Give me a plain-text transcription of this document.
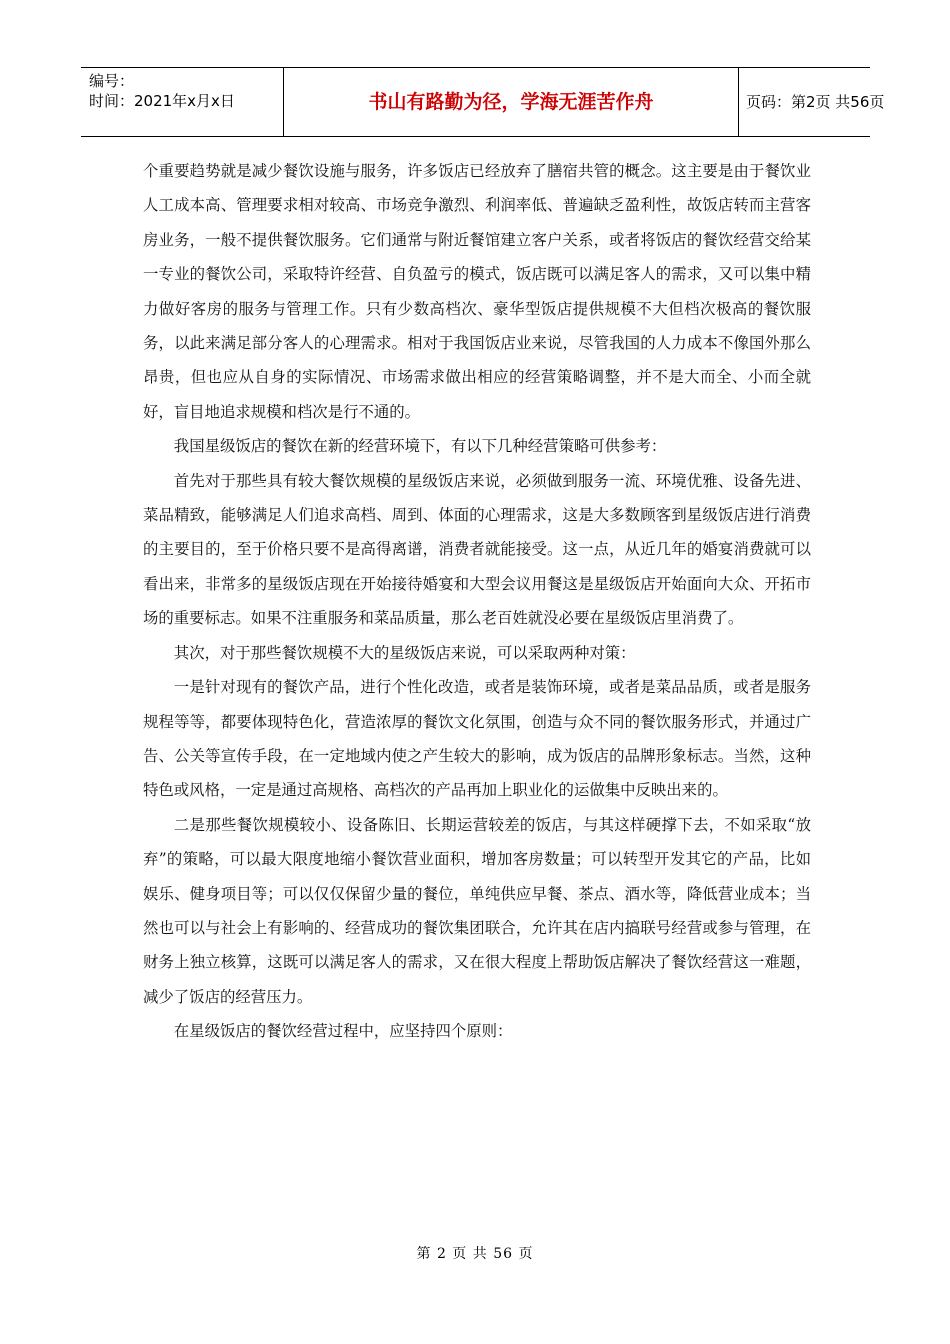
编号：
时间：2021年x月x日	书山有路勤为径，学海无涯苦作舟	页码：第2页 共56页

个重要趋势就是减少餐饮设施与服务，许多饭店已经放弃了膳宿共管的概念。这主要是由于餐饮业人工成本高、管理要求相对较高、市场竞争激烈、利润率低、普遍缺乏盈利性，故饭店转而主营客房业务，一般不提供餐饮服务。它们通常与附近餐馆建立客户关系，或者将饭店的餐饮经营交给某一专业的餐饮公司，采取特许经营、自负盈亏的模式，饭店既可以满足客人的需求，又可以集中精力做好客房的服务与管理工作。只有少数高档次、豪华型饭店提供规模不大但档次极高的餐饮服务，以此来满足部分客人的心理需求。相对于我国饭店业来说，尽管我国的人力成本不像国外那么昂贵，但也应从自身的实际情况、市场需求做出相应的经营策略调整，并不是大而全、小而全就好，盲目地追求规模和档次是行不通的。

我国星级饭店的餐饮在新的经营环境下，有以下几种经营策略可供参考：

首先对于那些具有较大餐饮规模的星级饭店来说，必须做到服务一流、环境优雅、设备先进、菜品精致，能够满足人们追求高档、周到、体面的心理需求，这是大多数顾客到星级饭店进行消费的主要目的，至于价格只要不是高得离谱，消费者就能接受。这一点，从近几年的婚宴消费就可以看出来，非常多的星级饭店现在开始接待婚宴和大型会议用餐这是星级饭店开始面向大众、开拓市场的重要标志。如果不注重服务和菜品质量，那么老百姓就没必要在星级饭店里消费了。

其次，对于那些餐饮规模不大的星级饭店来说，可以采取两种对策：

一是针对现有的餐饮产品，进行个性化改造，或者是装饰环境，或者是菜品品质，或者是服务规程等等，都要体现特色化，营造浓厚的餐饮文化氛围，创造与众不同的餐饮服务形式，并通过广告、公关等宣传手段，在一定地域内使之产生较大的影响，成为饭店的品牌形象标志。当然，这种特色或风格，一定是通过高规格、高档次的产品再加上职业化的运做集中反映出来的。

二是那些餐饮规模较小、设备陈旧、长期运营较差的饭店，与其这样硬撑下去，不如采取“放弃”的策略，可以最大限度地缩小餐饮营业面积，增加客房数量；可以转型开发其它的产品，比如娱乐、健身项目等；可以仅仅保留少量的餐位，单纯供应早餐、茶点、酒水等，降低营业成本；当然也可以与社会上有影响的、经营成功的餐饮集团联合，允许其在店内搞联号经营或参与管理，在财务上独立核算，这既可以满足客人的需求，又在很大程度上帮助饭店解决了餐饮经营这一难题，减少了饭店的经营压力。

在星级饭店的餐饮经营过程中，应坚持四个原则：

第 2 页 共 56 页
